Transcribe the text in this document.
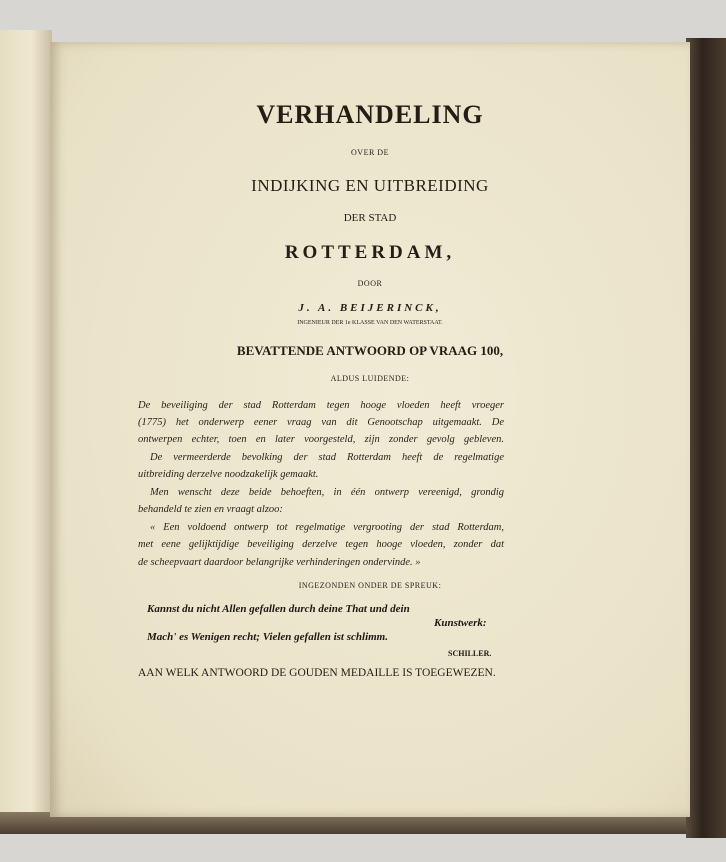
VERHANDELING
OVER DE
INDIJKING EN UITBREIDING
DER STAD
ROTTERDAM,
DOOR
J. A. BEIJERINCK,
INGENIEUR DER 1e KLASSE VAN DEN WATERSTAAT.
BEVATTENDE ANTWOORD OP VRAAG 100,
ALDUS LUIDENDE:
De beveiliging der stad Rotterdam tegen hooge vloeden heeft vroeger
(1775) het onderwerp eener vraag van dit Genootschap uitgemaakt. De
ontwerpen echter, toen en later voorgesteld, zijn zonder gevolg gebleven.
De vermeerderde bevolking der stad Rotterdam heeft de regelmatige
uitbreiding derzelve noodzakelijk gemaakt.
Men wenscht deze beide behoeften, in één ontwerp vereenigd, grondig
behandeld te zien en vraagt alzoo:
« Een voldoend ontwerp tot regelmatige vergrooting der stad Rotterdam,
met eene gelijktijdige beveiliging derzelve tegen hooge vloeden, zonder dat
de scheepvaart daardoor belangrijke verhinderingen ondervinde. »
INGEZONDEN ONDER DE SPREUK:
Kannst du nicht Allen gefallen durch deine That und dein
Kunstwerk:
Mach' es Wenigen recht; Vielen gefallen ist schlimm.
SCHILLER.
AAN WELK ANTWOORD DE GOUDEN MEDAILLE IS TOEGEWEZEN.
